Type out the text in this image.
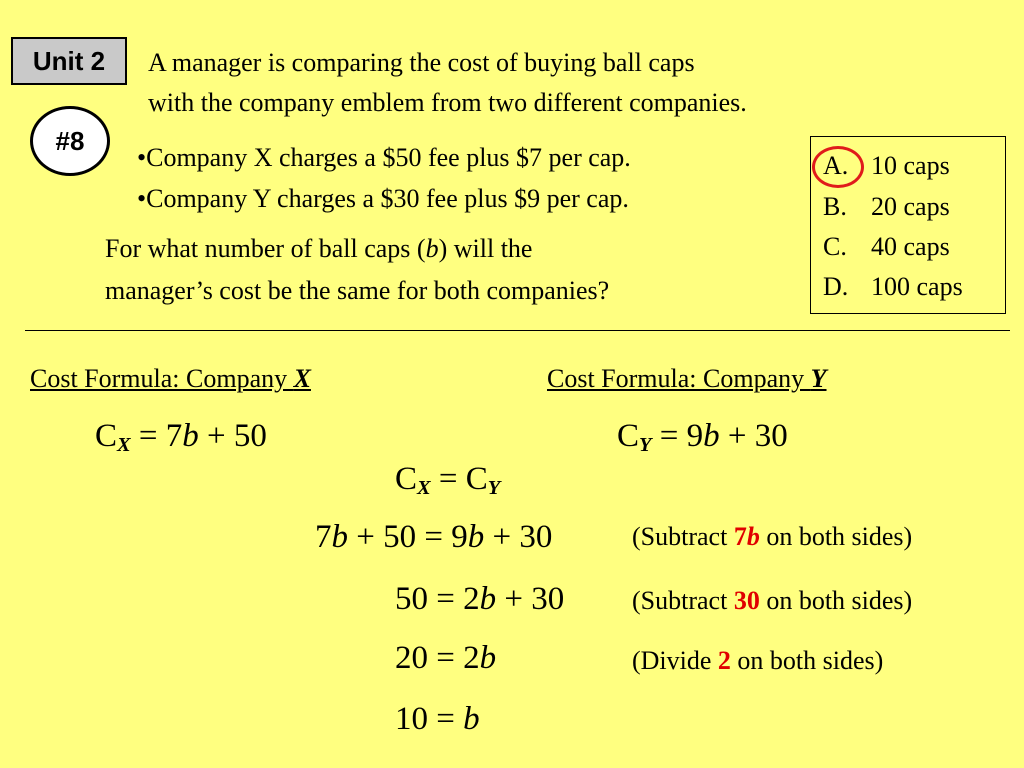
Unit 2
#8
A manager is comparing the cost of buying ball caps
with the company emblem from two different companies.
•Company X charges a $50 fee plus $7 per cap.
•Company Y charges a $30 fee plus $9 per cap.
For what number of ball caps (b) will the
manager’s cost be the same for both companies?
A. 10 caps
B. 20 caps
C. 40 caps
D. 100 caps
Cost Formula: Company X	Cost Formula: Company Y
$C_X = 7b + 50$	$C_Y = 9b + 30$
$C_X = C_Y$
7b + 50 = 9b + 30
50 = 2b + 30
20 = 2b
10 = b
(Subtract 7b on both sides)
(Subtract 30 on both sides)
(Divide 2 on both sides)
